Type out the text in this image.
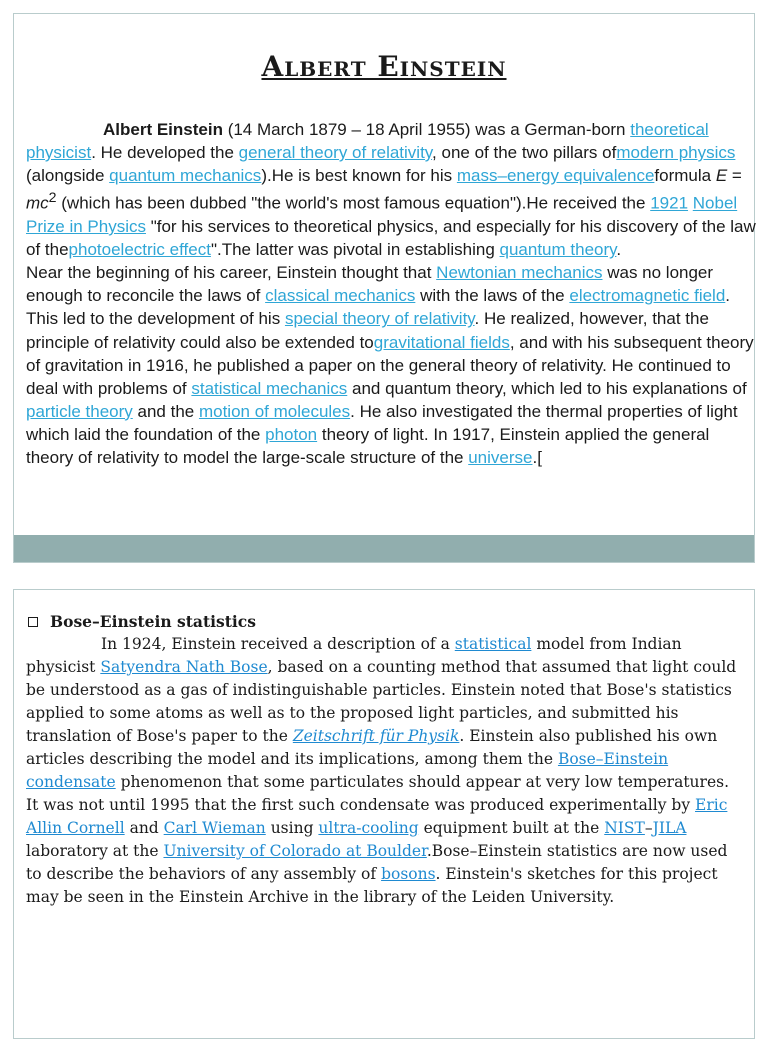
Albert Einstein

Albert Einstein (14 March 1879 – 18 April 1955) was a German-born theoretical physicist. He developed the general theory of relativity, one of the two pillars ofmodern physics (alongside quantum mechanics).He is best known for his mass–energy equivalenceformula $E = mc^2$ (which has been dubbed "the world's most famous equation").He received the 1921 Nobel Prize in Physics "for his services to theoretical physics, and especially for his discovery of the law of thephotoelectric effect".The latter was pivotal in establishing quantum theory.

Near the beginning of his career, Einstein thought that Newtonian mechanics was no longer enough to reconcile the laws of classical mechanics with the laws of the electromagnetic field. This led to the development of his special theory of relativity. He realized, however, that the principle of relativity could also be extended togravitational fields, and with his subsequent theory of gravitation in 1916, he published a paper on the general theory of relativity. He continued to deal with problems of statistical mechanics and quantum theory, which led to his explanations of particle theory and the motion of molecules. He also investigated the thermal properties of light which laid the foundation of the photon theory of light. In 1917, Einstein applied the general theory of relativity to model the large-scale structure of the universe.[

Bose–Einstein statistics
In 1924, Einstein received a description of a statistical model from Indian physicist Satyendra Nath Bose, based on a counting method that assumed that light could be understood as a gas of indistinguishable particles. Einstein noted that Bose's statistics applied to some atoms as well as to the proposed light particles, and submitted his translation of Bose's paper to the Zeitschrift für Physik. Einstein also published his own articles describing the model and its implications, among them the Bose–Einstein condensate phenomenon that some particulates should appear at very low temperatures. It was not until 1995 that the first such condensate was produced experimentally by Eric Allin Cornell and Carl Wieman using ultra-cooling equipment built at the NIST–JILA laboratory at the University of Colorado at Boulder.Bose–Einstein statistics are now used to describe the behaviors of any assembly of bosons. Einstein's sketches for this project may be seen in the Einstein Archive in the library of the Leiden University.
